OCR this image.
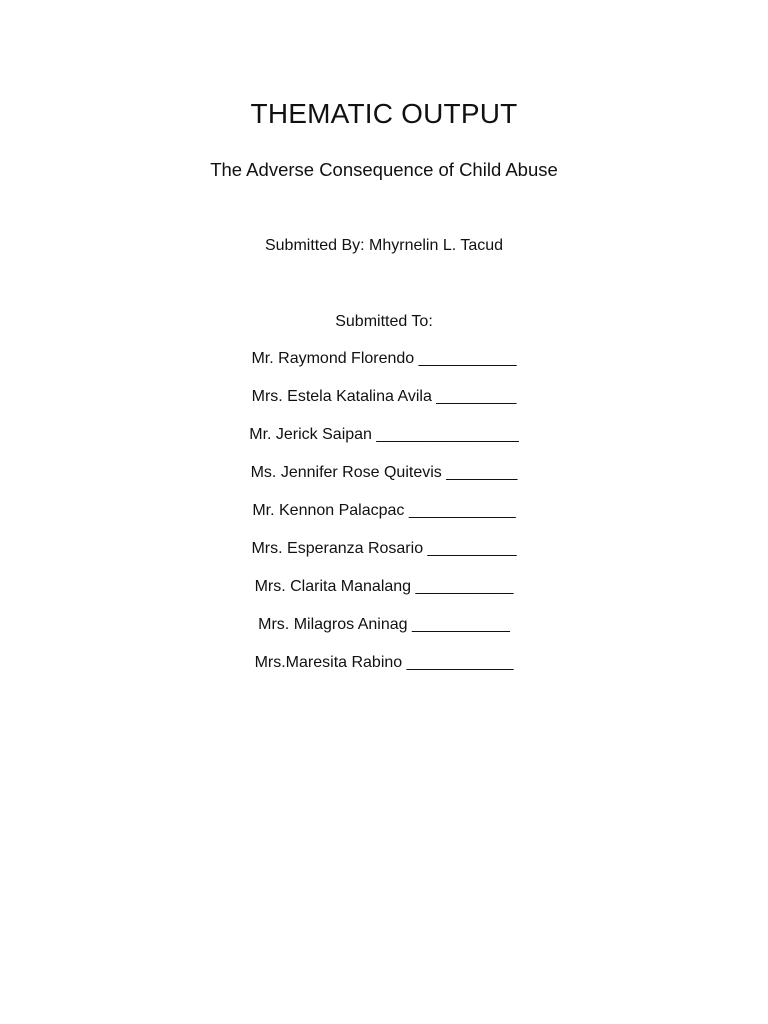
THEMATIC OUTPUT
The Adverse Consequence of Child Abuse
Submitted By: Mhyrnelin L. Tacud
Submitted To:
Mr. Raymond Florendo ___________
Mrs. Estela Katalina Avila _________
Mr. Jerick Saipan ________________
Ms. Jennifer Rose Quitevis ________
Mr. Kennon Palacpac ____________
Mrs. Esperanza Rosario __________
Mrs. Clarita Manalang ___________
Mrs. Milagros Aninag ___________
Mrs.Maresita Rabino ____________
